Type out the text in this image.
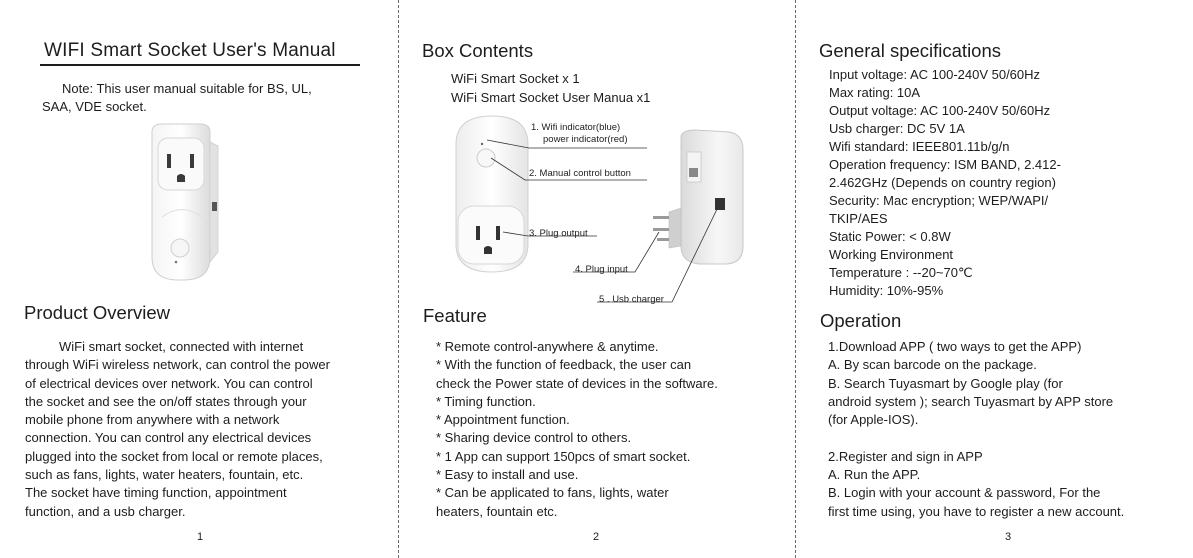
WIFI Smart Socket User's Manual
Note: This user manual suitable for BS, UL,
SAA, VDE socket.
Product Overview

WiFi smart socket, connected with internet

through WiFi wireless network, can control the power

of electrical devices over network. You can control

the socket and see the on/off states through your

mobile phone from anywhere with a network

connection. You can control any electrical devices

plugged into the socket from local or remote places,

such as fans, lights, water heaters, fountain, etc.

The socket have timing function, appointment

function, and a usb charger.

1
Box Contents
WiFi Smart Socket x 1
WiFi Smart Socket User Manua x1
1. Wifi indicator(blue)
power indicator(red)
2. Manual control button
3. Plug output
4. Plug input
5 . Usb charger
Feature

* Remote control-anywhere & anytime.

* With the function of feedback, the user can

check the Power state of devices in the software.

* Timing function.

* Appointment function.

* Sharing device control to others.

* 1 App can support 150pcs of smart socket.

* Easy to install and use.

* Can be applicated to fans, lights, water

heaters, fountain etc.

2
General specifications

Input voltage: AC 100-240V 50/60Hz

Max rating: 10A

Output voltage: AC 100-240V 50/60Hz

Usb charger: DC 5V 1A

Wifi standard: IEEE801.11b/g/n

Operation frequency: ISM BAND, 2.412-

2.462GHz (Depends on country region)

Security: Mac encryption; WEP/WAPI/

TKIP/AES

Static Power: < 0.8W

Working Environment

Temperature : --20~70℃

Humidity: 10%-95%

Operation

1.Download APP ( two ways to get the APP)

A. By scan barcode on the package.

B. Search Tuyasmart by Google play (for

android system ); search Tuyasmart by APP store

(for Apple-IOS).

2.Register and sign in APP

A. Run the APP.

B. Login with your account & password, For the

first time using, you have to register a new account.

3
